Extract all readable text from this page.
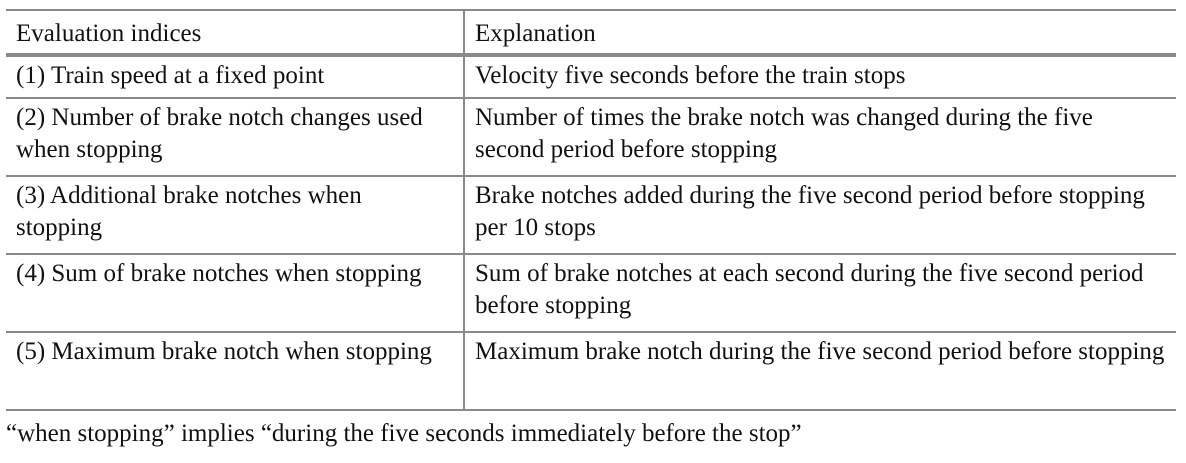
Evaluation indices	Explanation
(1) Train speed at a fixed point	Velocity five seconds before the train stops
(2) Number of brake notch changes used when stopping	Number of times the brake notch was changed during the five second period before stopping
(3) Additional brake notches when stopping	Brake notches added during the five second period before stopping per 10 stops
(4) Sum of brake notches when stopping	Sum of brake notches at each second during the five second period before stopping
(5) Maximum brake notch when stopping	Maximum brake notch during the five second period before stopping
“when stopping” implies “during the five seconds immediately before the stop”
